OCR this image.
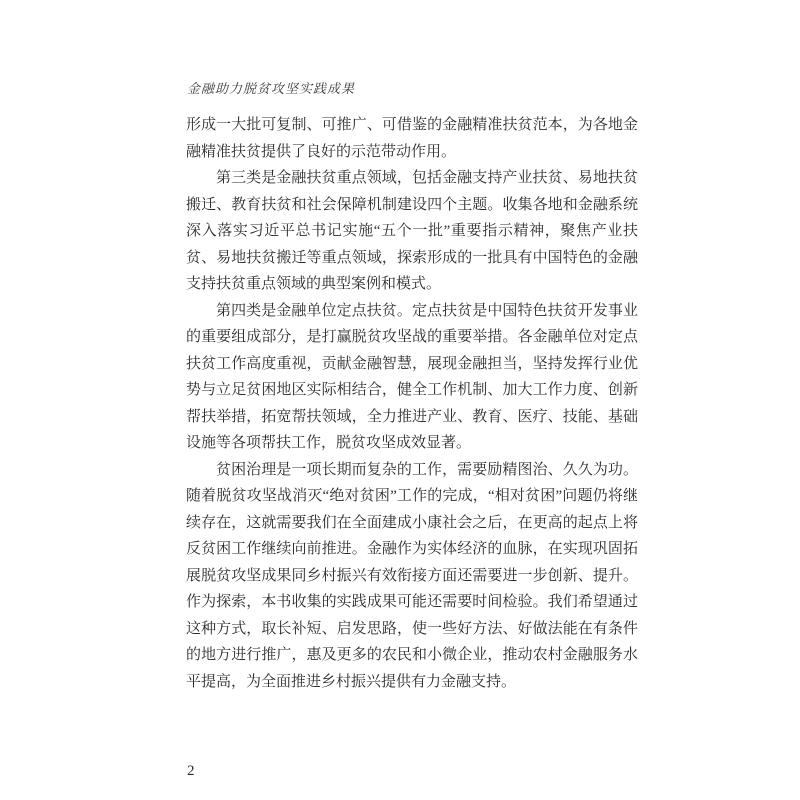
金融助力脱贫攻坚实践成果

形成一大批可复制、可推广、可借鉴的金融精准扶贫范本，为各地金融精准扶贫提供了良好的示范带动作用。

第三类是金融扶贫重点领域，包括金融支持产业扶贫、易地扶贫搬迁、教育扶贫和社会保障机制建设四个主题。收集各地和金融系统深入落实习近平总书记实施“五个一批”重要指示精神，聚焦产业扶贫、易地扶贫搬迁等重点领域，探索形成的一批具有中国特色的金融支持扶贫重点领域的典型案例和模式。

第四类是金融单位定点扶贫。定点扶贫是中国特色扶贫开发事业的重要组成部分，是打赢脱贫攻坚战的重要举措。各金融单位对定点扶贫工作高度重视，贡献金融智慧，展现金融担当，坚持发挥行业优势与立足贫困地区实际相结合，健全工作机制、加大工作力度、创新帮扶举措，拓宽帮扶领域，全力推进产业、教育、医疗、技能、基础设施等各项帮扶工作，脱贫攻坚成效显著。

贫困治理是一项长期而复杂的工作，需要励精图治、久久为功。随着脱贫攻坚战消灭“绝对贫困”工作的完成，“相对贫困”问题仍将继续存在，这就需要我们在全面建成小康社会之后，在更高的起点上将反贫困工作继续向前推进。金融作为实体经济的血脉，在实现巩固拓展脱贫攻坚成果同乡村振兴有效衔接方面还需要进一步创新、提升。作为探索，本书收集的实践成果可能还需要时间检验。我们希望通过这种方式，取长补短、启发思路，使一些好方法、好做法能在有条件的地方进行推广，惠及更多的农民和小微企业，推动农村金融服务水平提高，为全面推进乡村振兴提供有力金融支持。

2
